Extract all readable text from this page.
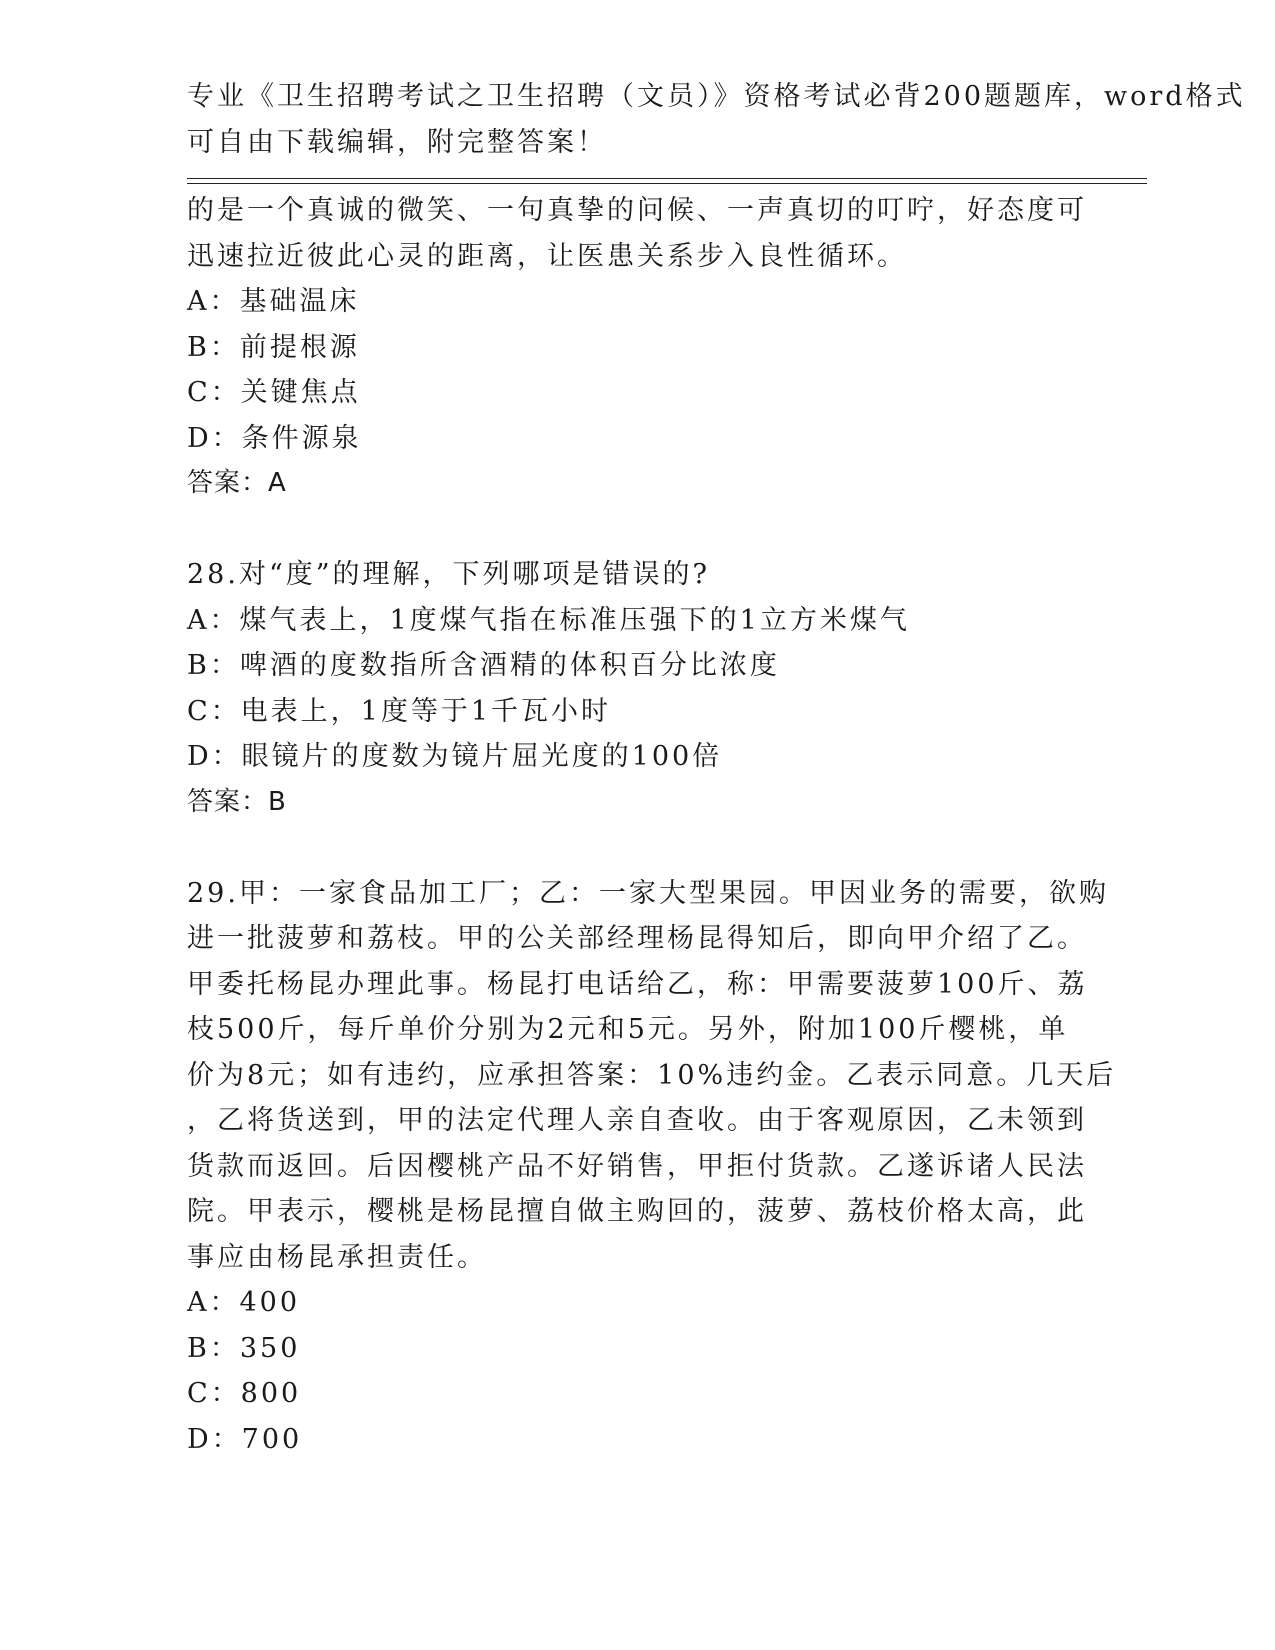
专业《卫生招聘考试之卫生招聘（文员）》资格考试必背200题题库，word格式
可自由下载编辑，附完整答案！
的是一个真诚的微笑、一句真挚的问候、一声真切的叮咛，好态度可
迅速拉近彼此心灵的距离，让医患关系步入良性循环。
A：基础温床
B：前提根源
C：关键焦点
D：条件源泉
答案：A
28.对“度”的理解，下列哪项是错误的?
A：煤气表上，1度煤气指在标准压强下的1立方米煤气
B：啤酒的度数指所含酒精的体积百分比浓度
C：电表上，1度等于1千瓦小时
D：眼镜片的度数为镜片屈光度的100倍
答案：B
29.甲：一家食品加工厂；乙：一家大型果园。甲因业务的需要，欲购
进一批菠萝和荔枝。甲的公关部经理杨昆得知后，即向甲介绍了乙。
甲委托杨昆办理此事。杨昆打电话给乙，称：甲需要菠萝100斤、荔
枝500斤，每斤单价分别为2元和5元。另外，附加100斤樱桃，单
价为8元；如有违约，应承担答案：10%违约金。乙表示同意。几天后
，乙将货送到，甲的法定代理人亲自查收。由于客观原因，乙未领到
货款而返回。后因樱桃产品不好销售，甲拒付货款。乙遂诉诸人民法
院。甲表示，樱桃是杨昆擅自做主购回的，菠萝、荔枝价格太高，此
事应由杨昆承担责任。
A：400
B：350
C：800
D：700
